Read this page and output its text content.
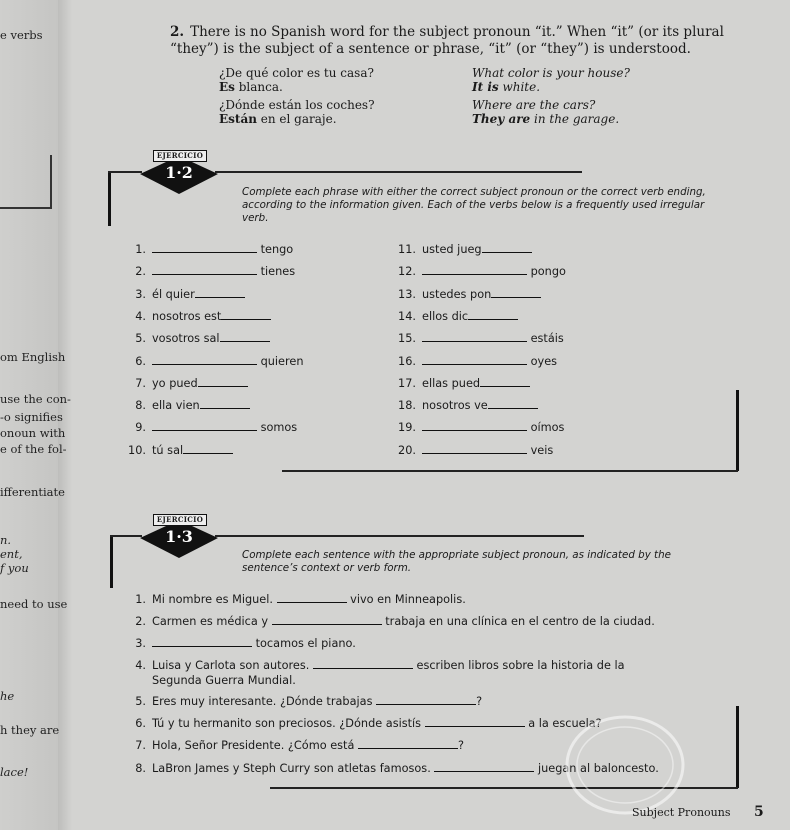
e verbs
om English
use the con-
-o signifies
onoun with
e of the fol-
ifferentiate
n.
ent,
f you
need to use
he
h they are
lace!
2. There is no Spanish word for the subject pronoun “it.” When “it” (or its plural “they”) is the subject of a sentence or phrase, “it” (or “they”) is understood.
¿De qué color es tu casa?	What color is your house?
Es blanca.	It is white.
¿Dónde están los coches?	Where are the cars?
Están en el garaje.	They are in the garage.
EJERCICIO
1·2
Complete each phrase with either the correct subject pronoun or the correct verb ending, according to the information given. Each of the verbs below is a frequently used irregular verb.
1.	tengo
2.	tienes
3. él quier
4. nosotros est
5. vosotros sal
6.	quieren
7. yo pued
8. ella vien
9.	somos
10. tú sal
11. usted jueg
12.	pongo
13. ustedes pon
14. ellos dic
15.	estáis
16.	oyes
17. ellas pued
18. nosotros ve
19.	oímos
20.	veis
EJERCICIO
1·3
Complete each sentence with the appropriate subject pronoun, as indicated by the sentence’s context or verb form.
1. Mi nombre es Miguel.	vivo en Minneapolis.
2. Carmen es médica y	trabaja en una clínica en el centro de la ciudad.
3.	tocamos el piano.
4. Luisa y Carlota son autores.	escriben libros sobre la historia de la
Segunda Guerra Mundial.
5. Eres muy interesante. ¿Dónde trabajas	?
6. Tú y tu hermanito son preciosos. ¿Dónde asistís	a la escuela?
7. Hola, Señor Presidente. ¿Cómo está	?
8. LaBron James y Steph Curry son atletas famosos.	juegan al baloncesto.
Subject Pronouns 5
